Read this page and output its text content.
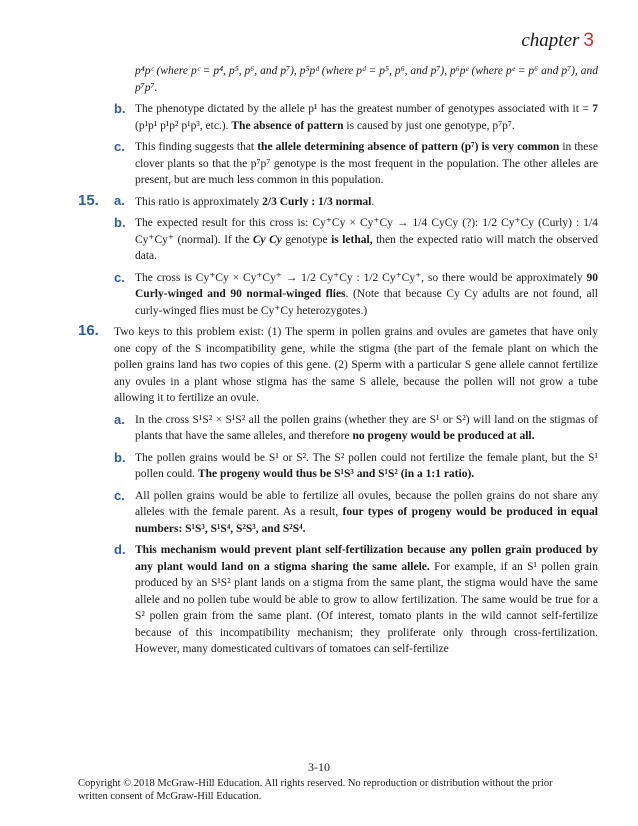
chapter 3

p⁴pᶜ (where pᶜ = p⁴, p⁵, p⁶, and p⁷), p⁵pᵈ (where pᵈ = p⁵, p⁶, and p⁷), p⁶pᵉ (where pᵉ = p⁶ and p⁷), and p⁷p⁷.

b. The phenotype dictated by the allele p¹ has the greatest number of genotypes associated with it = 7 (p¹p¹ p¹p² p¹p³, etc.). The absence of pattern is caused by just one genotype, p⁷p⁷.
c. This finding suggests that the allele determining absence of pattern (p⁷) is very common in these clover plants so that the p⁷p⁷ genotype is the most frequent in the population. The other alleles are present, but are much less common in this population.
15. a. This ratio is approximately 2/3 Curly : 1/3 normal.
b. The expected result for this cross is: Cy⁺Cy × Cy⁺Cy → 1/4 CyCy (?): 1/2 Cy⁺Cy (Curly) : 1/4 Cy⁺Cy⁺ (normal). If the Cy Cy genotype is lethal, then the expected ratio will match the observed data.
c. The cross is Cy⁺Cy × Cy⁺Cy⁺ → 1/2 Cy⁺Cy : 1/2 Cy⁺Cy⁺, so there would be approximately 90 Curly-winged and 90 normal-winged flies. (Note that because Cy Cy adults are not found, all curly-winged flies must be Cy⁺Cy heterozygotes.)
16. Two keys to this problem exist: (1) The sperm in pollen grains and ovules are gametes that have only one copy of the S incompatibility gene, while the stigma (the part of the female plant on which the pollen grains land has two copies of this gene. (2) Sperm with a particular S gene allele cannot fertilize any ovules in a plant whose stigma has the same S allele, because the pollen will not grow a tube allowing it to fertilize an ovule.
a. In the cross S¹S² × S¹S² all the pollen grains (whether they are S¹ or S²) will land on the stigmas of plants that have the same alleles, and therefore no progeny would be produced at all.
b. The pollen grains would be S¹ or S². The S² pollen could not fertilize the female plant, but the S¹ pollen could. The progeny would thus be S¹S³ and S¹S² (in a 1:1 ratio).
c. All pollen grains would be able to fertilize all ovules, because the pollen grains do not share any alleles with the female parent. As a result, four types of progeny would be produced in equal numbers: S¹S³, S¹S⁴, S²S³, and S²S⁴.
d. This mechanism would prevent plant self-fertilization because any pollen grain produced by any plant would land on a stigma sharing the same allele. For example, if an S¹ pollen grain produced by an S¹S² plant lands on a stigma from the same plant, the stigma would have the same allele and no pollen tube would be able to grow to allow fertilization. The same would be true for a S² pollen grain from the same plant. (Of interest, tomato plants in the wild cannot self-fertilize because of this incompatibility mechanism; they proliferate only through cross-fertilization. However, many domesticated cultivars of tomatoes can self-fertilize
3-10
Copyright © 2018 McGraw-Hill Education. All rights reserved. No reproduction or distribution without the prior written consent of McGraw-Hill Education.
